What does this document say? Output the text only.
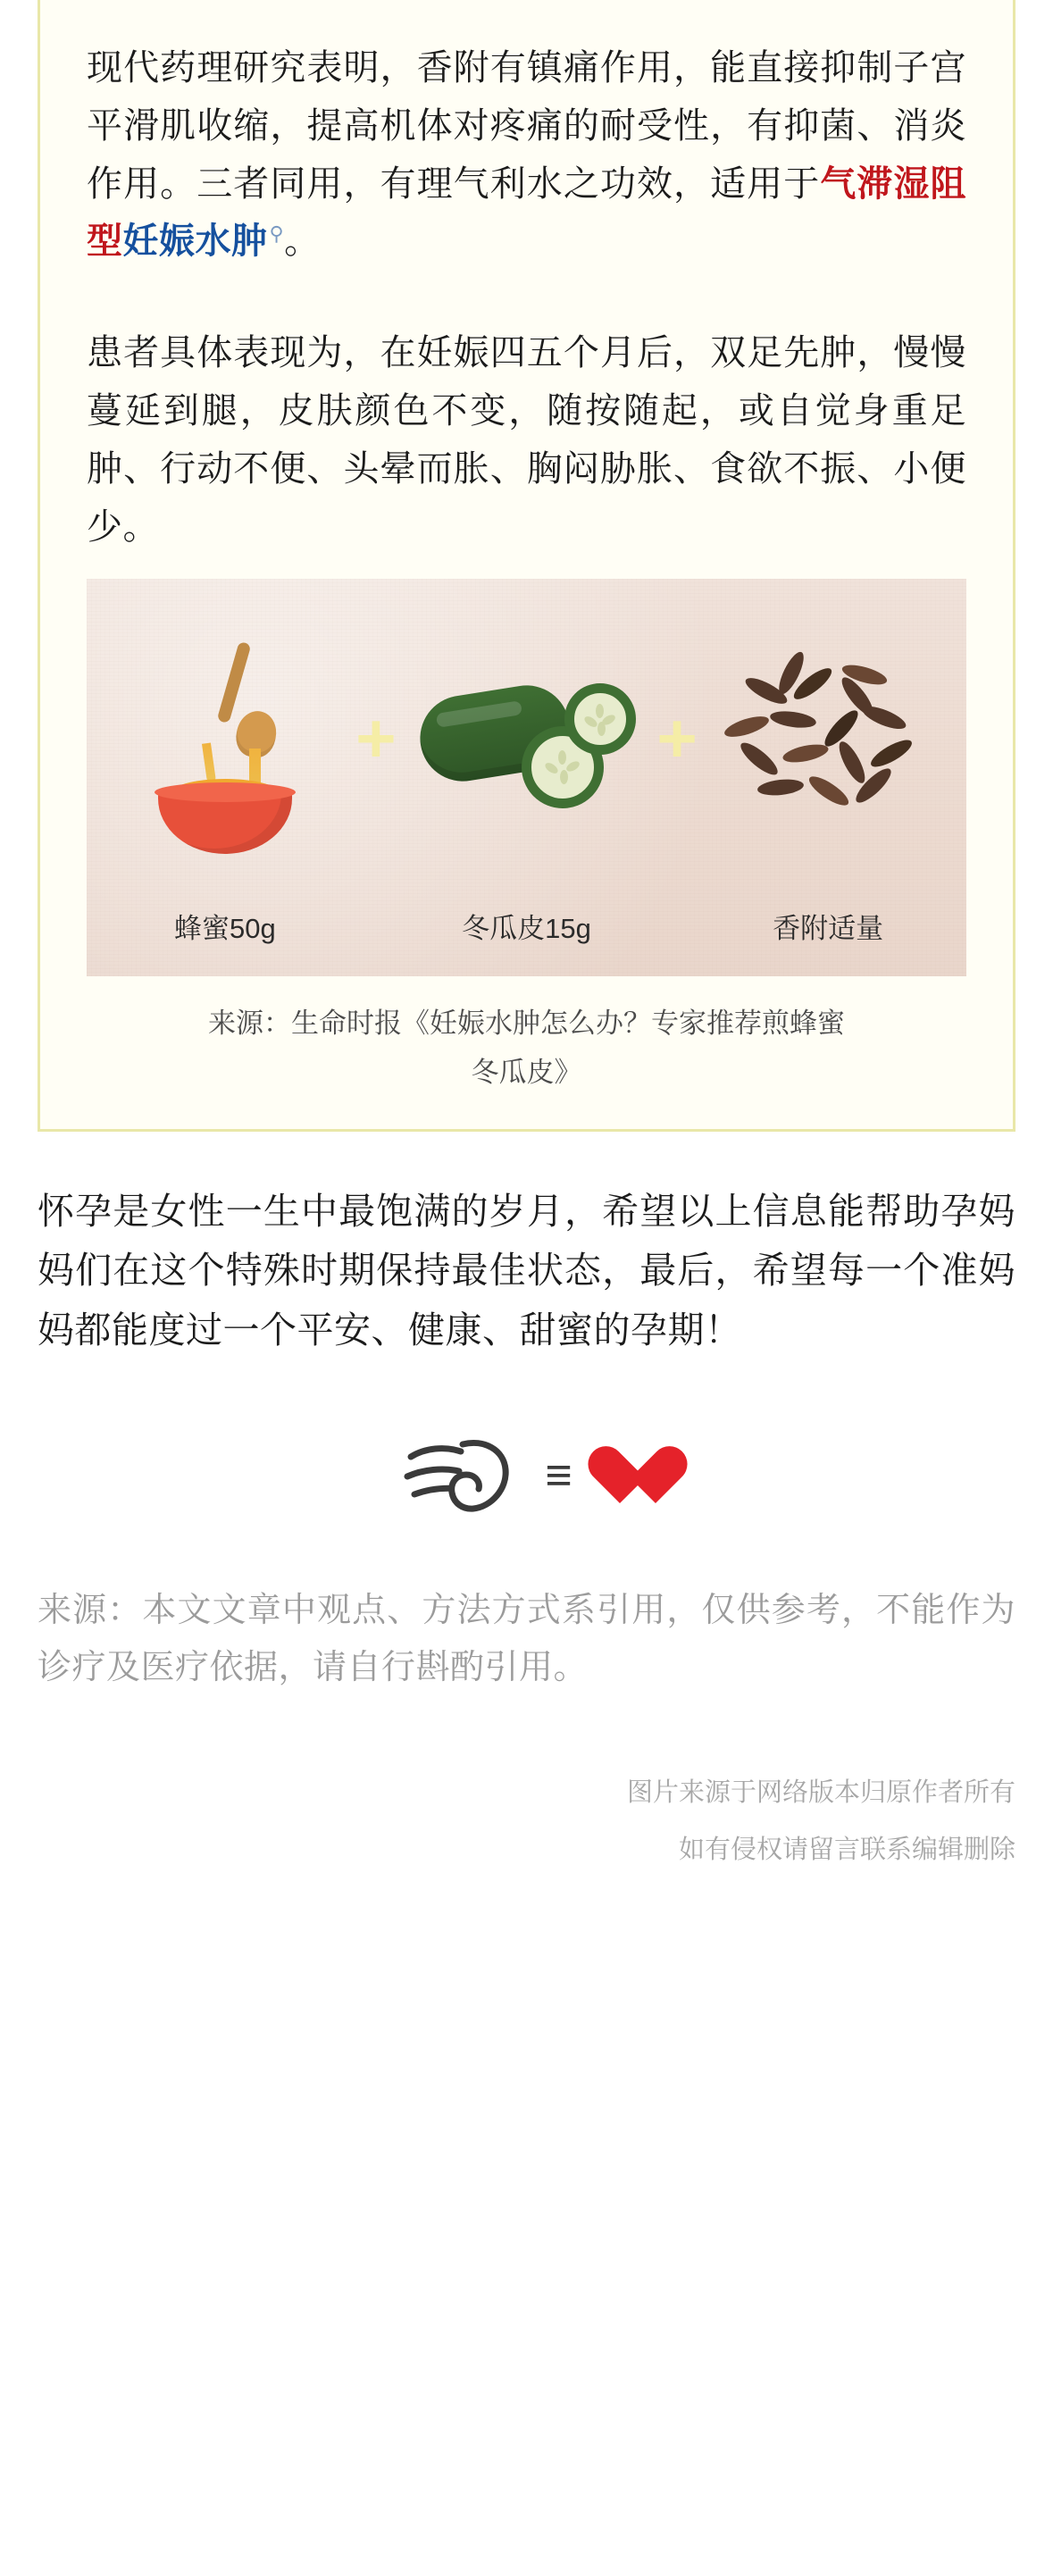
现代药理研究表明，香附有镇痛作用，能直接抑制子宫平滑肌收缩，提高机体对疼痛的耐受性，有抑菌、消炎作用。三者同用，有理气利水之功效，适用于气滞湿阻型妊娠水肿⚲。

患者具体表现为，在妊娠四五个月后，双足先肿，慢慢蔓延到腿，皮肤颜色不变，随按随起，或自觉身重足肿、行动不便、头晕而胀、胸闷胁胀、食欲不振、小便少。

+	+
蜂蜜50g	冬瓜皮15g	香附适量
来源：生命时报《妊娠水肿怎么办？专家推荐煎蜂蜜
冬瓜皮》

怀孕是女性一生中最饱满的岁月，希望以上信息能帮助孕妈妈们在这个特殊时期保持最佳状态，最后，希望每一个准妈妈都能度过一个平安、健康、甜蜜的孕期！

≡

来源：本文文章中观点、方法方式系引用，仅供参考，不能作为诊疗及医疗依据，请自行斟酌引用。

图片来源于网络版本归原作者所有
如有侵权请留言联系编辑删除
